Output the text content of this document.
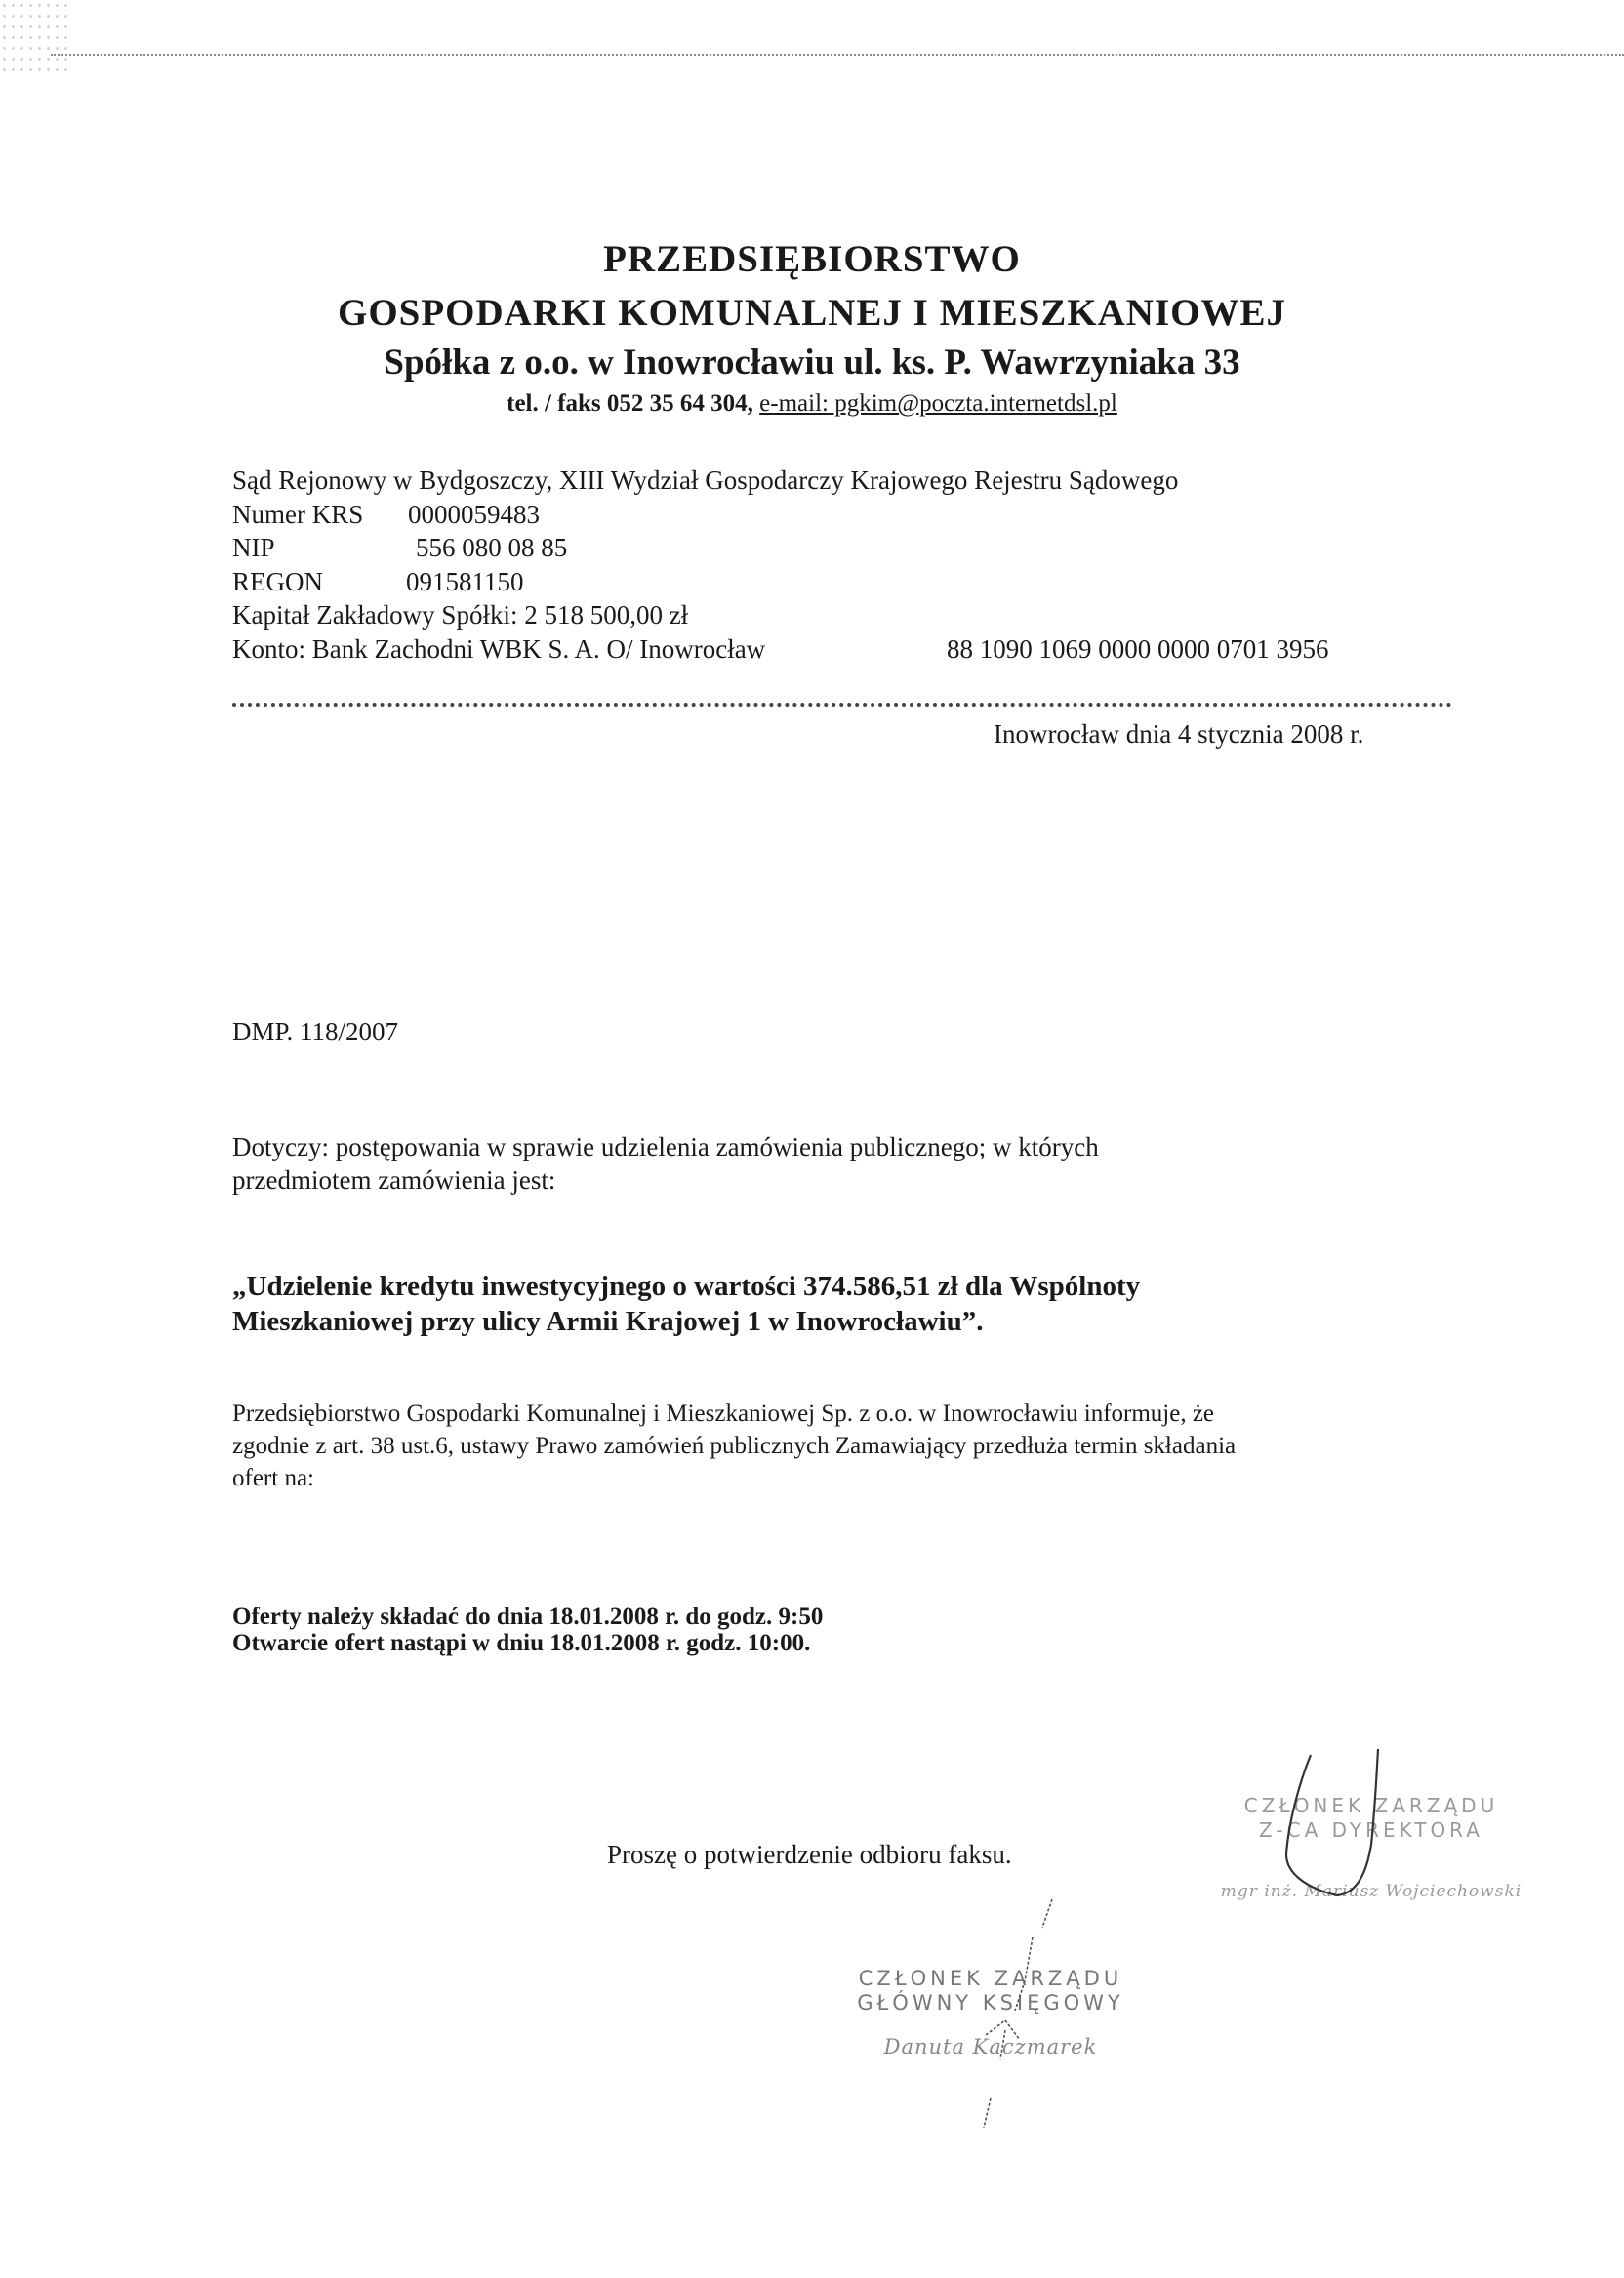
PRZEDSIĘBIORSTWO
GOSPODARKI KOMUNALNEJ I MIESZKANIOWEJ
Spółka z o.o. w Inowrocławiu ul. ks. P. Wawrzyniaka 33
tel. / faks 052 35 64 304, e-mail: pgkim@poczta.internetdsl.pl
Sąd Rejonowy w Bydgoszczy, XIII Wydział Gospodarczy Krajowego Rejestru Sądowego
Numer KRS 0000059483
NIP	556 080 08 85
REGON	091581150
Kapitał Zakładowy Spółki: 2 518 500,00 zł
Konto: Bank Zachodni WBK S. A. O/ Inowrocław	88 1090 1069 0000 0000 0701 3956
Inowrocław dnia 4 stycznia 2008 r.
DMP. 118/2007
Dotyczy: postępowania w sprawie udzielenia zamówienia publicznego; w których
przedmiotem zamówienia jest:
„Udzielenie kredytu inwestycyjnego o wartości 374.586,51 zł dla Wspólnoty
Mieszkaniowej przy ulicy Armii Krajowej 1 w Inowrocławiu”.
Przedsiębiorstwo Gospodarki Komunalnej i Mieszkaniowej Sp. z o.o. w Inowrocławiu informuje, że
zgodnie z art. 38 ust.6, ustawy Prawo zamówień publicznych Zamawiający przedłuża termin składania
ofert na:
Oferty należy składać do dnia 18.01.2008 r. do godz. 9:50
Otwarcie ofert nastąpi w dniu 18.01.2008 r. godz. 10:00.
Proszę o potwierdzenie odbioru faksu.
CZŁONEK ZARZĄDU
Z-CA DYREKTORA
mgr inż. Mariusz Wojciechowski
CZŁONEK ZARZĄDU
GŁÓWNY KSIĘGOWY
Danuta Kaczmarek
